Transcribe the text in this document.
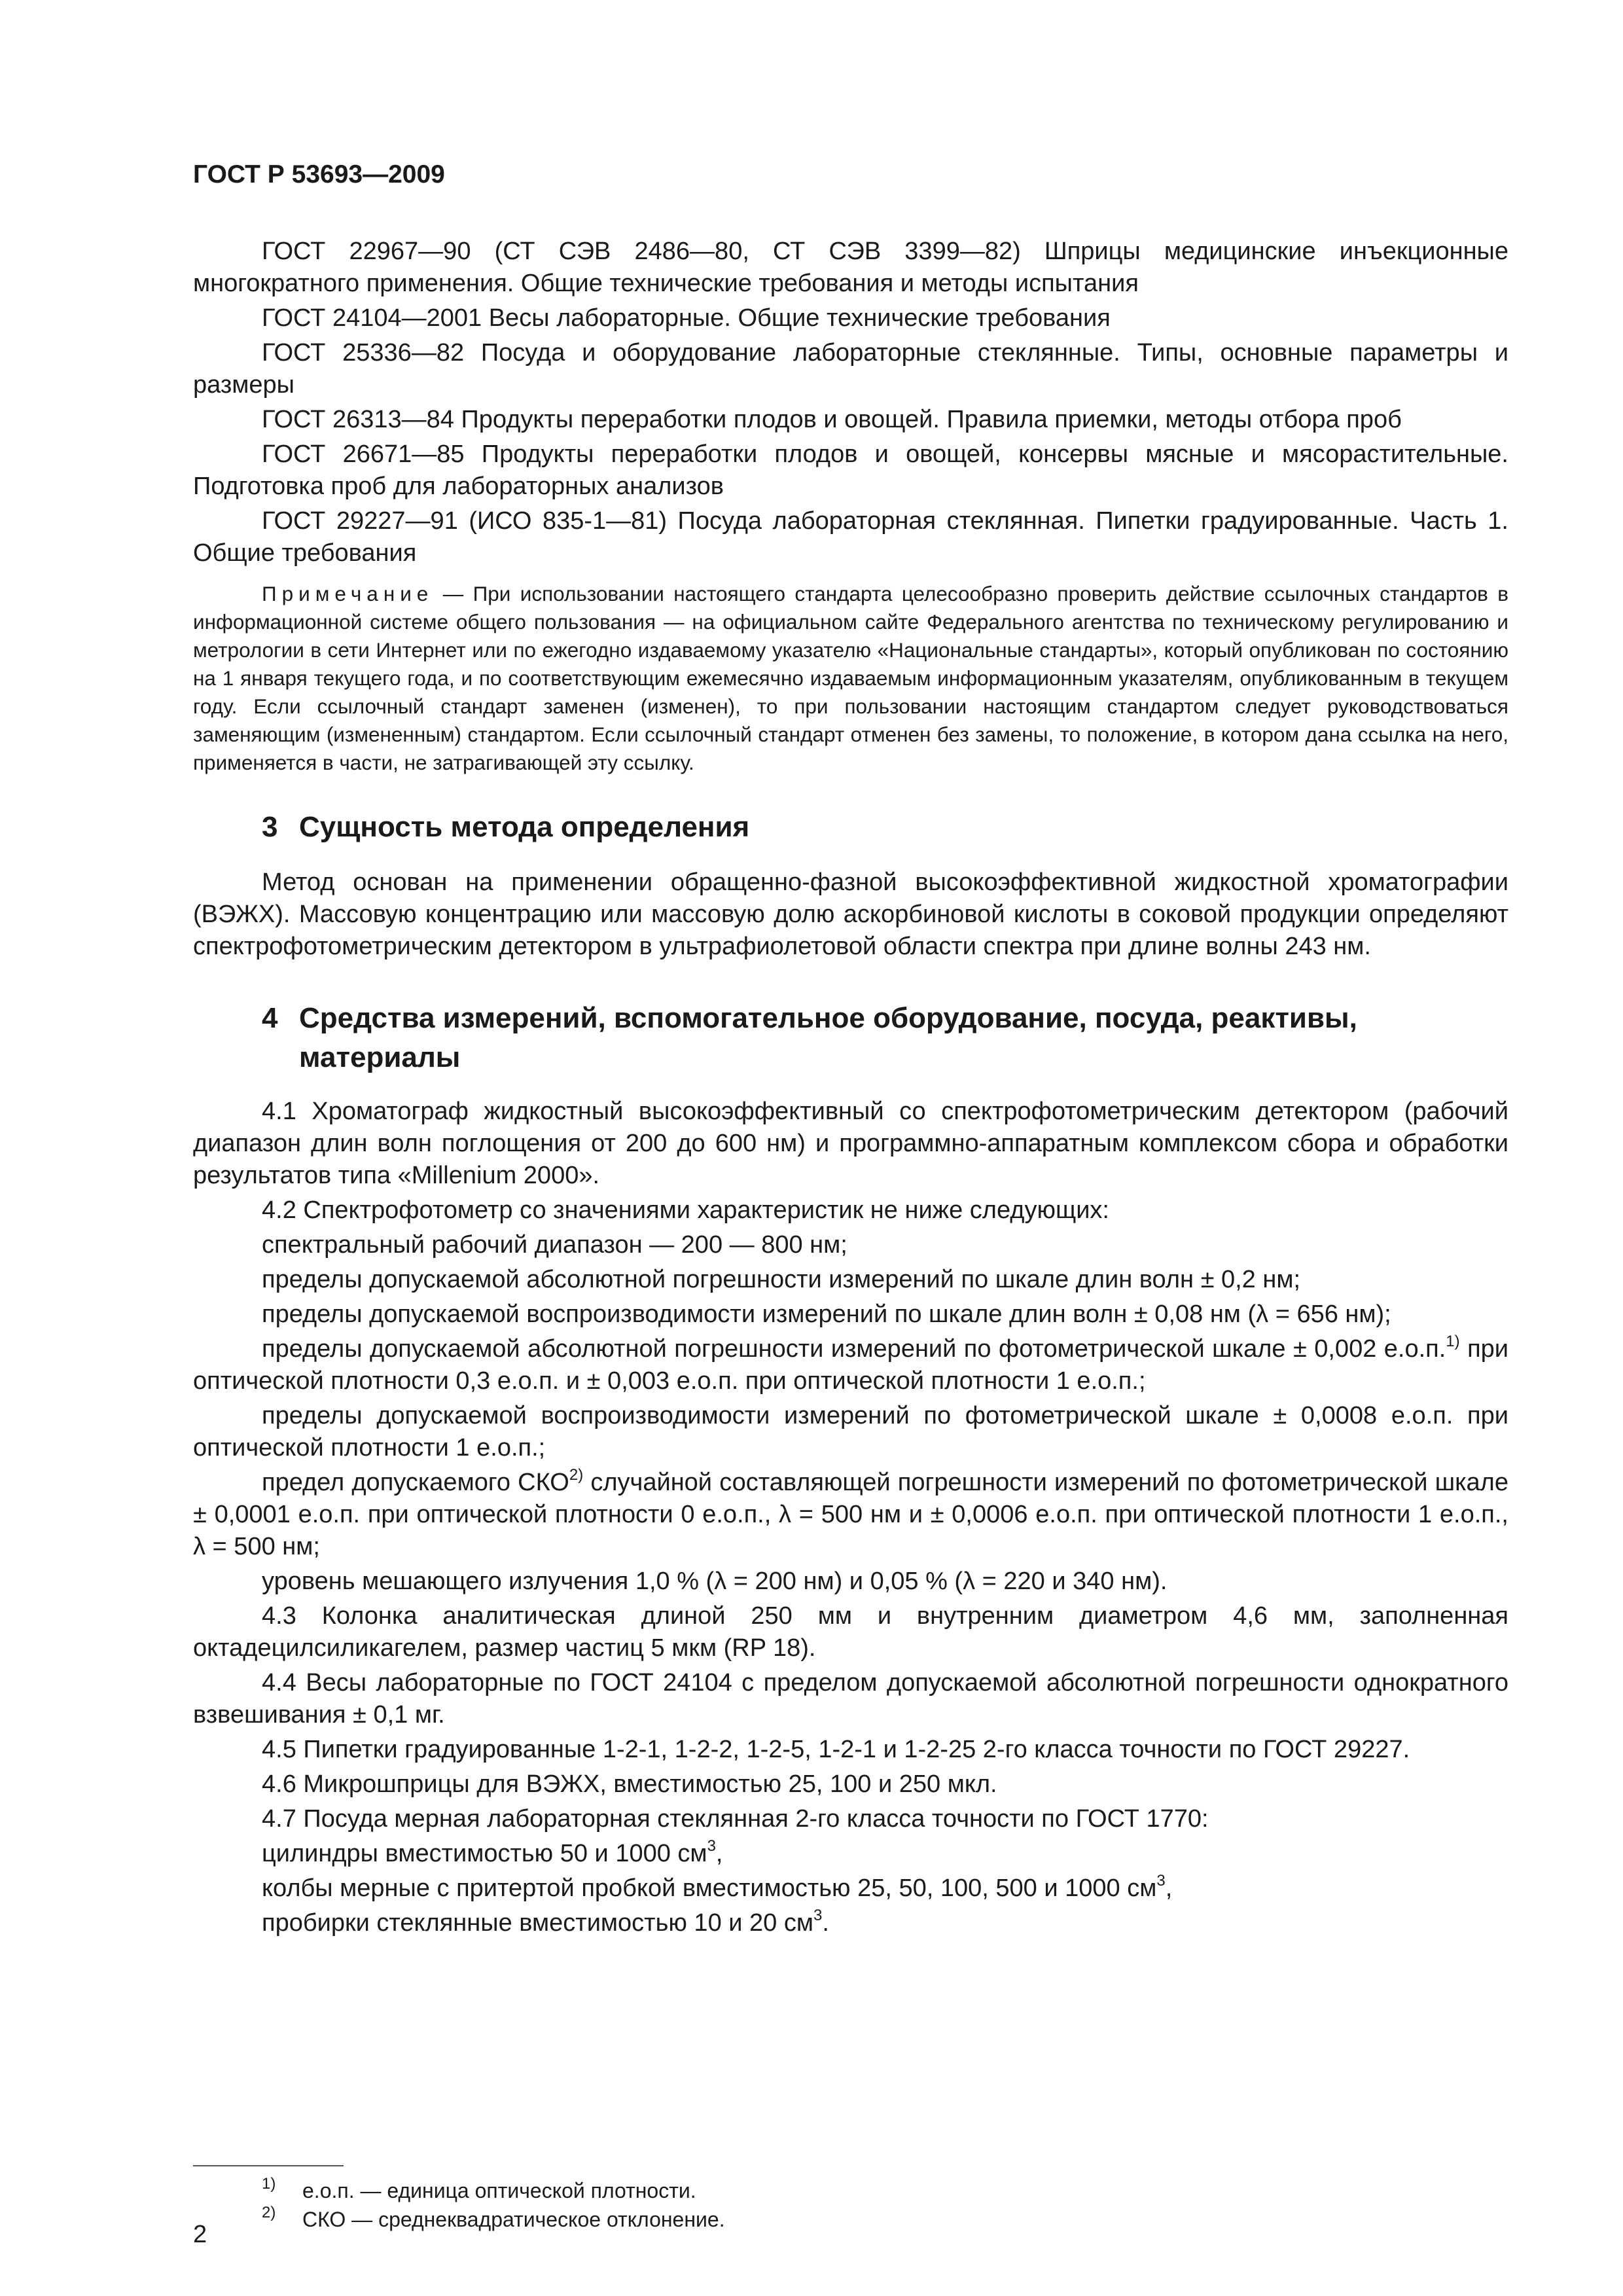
ГОСТ Р 53693—2009

ГОСТ 22967—90 (СТ СЭВ 2486—80, СТ СЭВ 3399—82) Шприцы медицинские инъекционные многократного применения. Общие технические требования и методы испытания

ГОСТ 24104—2001 Весы лабораторные. Общие технические требования

ГОСТ 25336—82 Посуда и оборудование лабораторные стеклянные. Типы, основные параметры и размеры

ГОСТ 26313—84 Продукты переработки плодов и овощей. Правила приемки, методы отбора проб

ГОСТ 26671—85 Продукты переработки плодов и овощей, консервы мясные и мясорастительные. Подготовка проб для лабораторных анализов

ГОСТ 29227—91 (ИСО 835-1—81) Посуда лабораторная стеклянная. Пипетки градуированные. Часть 1. Общие требования

Примечание — При использовании настоящего стандарта целесообразно проверить действие ссылочных стандартов в информационной системе общего пользования — на официальном сайте Федерального агентства по техническому регулированию и метрологии в сети Интернет или по ежегодно издаваемому указателю «Национальные стандарты», который опубликован по состоянию на 1 января текущего года, и по соответствующим ежемесячно издаваемым информационным указателям, опубликованным в текущем году. Если ссылочный стандарт заменен (изменен), то при пользовании настоящим стандартом следует руководствоваться заменяющим (измененным) стандартом. Если ссылочный стандарт отменен без замены, то положение, в котором дана ссылка на него, применяется в части, не затрагивающей эту ссылку.

3 Сущность метода определения

Метод основан на применении обращенно-фазной высокоэффективной жидкостной хроматографии (ВЭЖХ). Массовую концентрацию или массовую долю аскорбиновой кислоты в соковой продукции определяют спектрофотометрическим детектором в ультрафиолетовой области спектра при длине волны 243 нм.

4 Средства измерений, вспомогательное оборудование, посуда, реактивы, материалы

4.1 Хроматограф жидкостный высокоэффективный со спектрофотометрическим детектором (рабочий диапазон длин волн поглощения от 200 до 600 нм) и программно-аппаратным комплексом сбора и обработки результатов типа «Millenium 2000».

4.2 Спектрофотометр со значениями характеристик не ниже следующих:

спектральный рабочий диапазон — 200 — 800 нм;

пределы допускаемой абсолютной погрешности измерений по шкале длин волн ± 0,2 нм;

пределы допускаемой воспроизводимости измерений по шкале длин волн ± 0,08 нм (λ = 656 нм);

пределы допускаемой абсолютной погрешности измерений по фотометрической шкале ± 0,002 е.о.п.$^{1)}$ при оптической плотности 0,3 е.о.п. и ± 0,003 е.о.п. при оптической плотности 1 е.о.п.;

пределы допускаемой воспроизводимости измерений по фотометрической шкале ± 0,0008 е.о.п. при оптической плотности 1 е.о.п.;

предел допускаемого СКО$^{2)}$ случайной составляющей погрешности измерений по фотометрической шкале ± 0,0001 е.о.п. при оптической плотности 0 е.о.п., λ = 500 нм и ± 0,0006 е.о.п. при оптической плотности 1 е.о.п., λ = 500 нм;

уровень мешающего излучения 1,0 % (λ = 200 нм) и 0,05 % (λ = 220 и 340 нм).

4.3 Колонка аналитическая длиной 250 мм и внутренним диаметром 4,6 мм, заполненная октадецилсиликагелем, размер частиц 5 мкм (RP 18).

4.4 Весы лабораторные по ГОСТ 24104 с пределом допускаемой абсолютной погрешности однократного взвешивания ± 0,1 мг.

4.5 Пипетки градуированные 1-2-1, 1-2-2, 1-2-5, 1-2-1 и 1-2-25 2-го класса точности по ГОСТ 29227.

4.6 Микрошприцы для ВЭЖХ, вместимостью 25, 100 и 250 мкл.

4.7 Посуда мерная лабораторная стеклянная 2-го класса точности по ГОСТ 1770:

цилиндры вместимостью 50 и 1000 $см^3$,

колбы мерные с притертой пробкой вместимостью 25, 50, 100, 500 и 1000 $см^3$,

пробирки стеклянные вместимостью 10 и 20 $см^3$.

$^{1)}$ е.о.п. — единица оптической плотности.
$^{2)}$ СКО — среднеквадратическое отклонение.
2
